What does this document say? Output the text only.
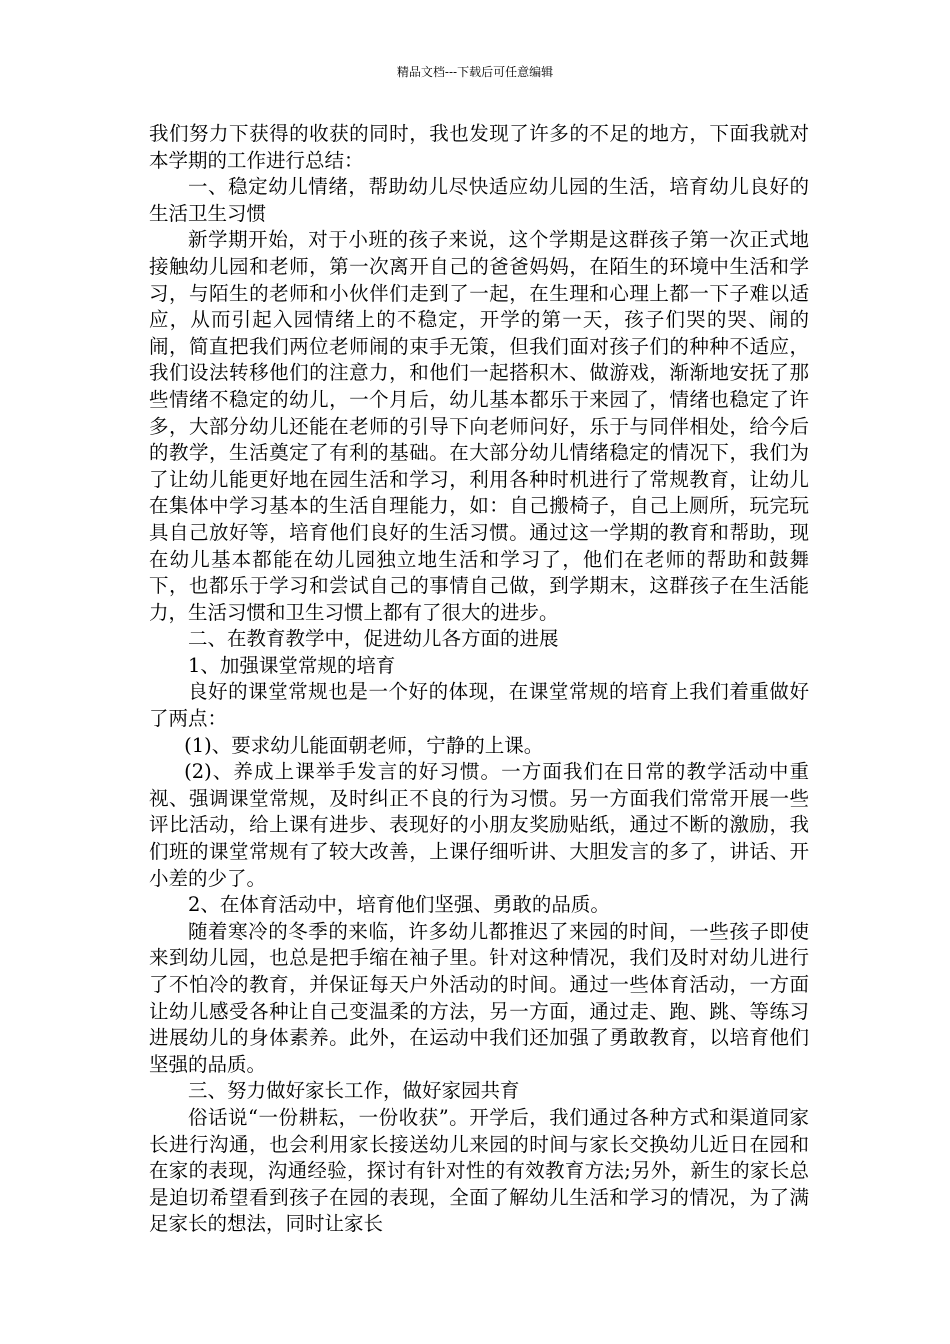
精品文档---下载后可任意编辑

我们努力下获得的收获的同时，我也发现了许多的不足的地方，下面我就对本学期的工作进行总结：

一、稳定幼儿情绪，帮助幼儿尽快适应幼儿园的生活，培育幼儿良好的生活卫生习惯

新学期开始，对于小班的孩子来说，这个学期是这群孩子第一次正式地接触幼儿园和老师，第一次离开自己的爸爸妈妈，在陌生的环境中生活和学习，与陌生的老师和小伙伴们走到了一起，在生理和心理上都一下子难以适应，从而引起入园情绪上的不稳定，开学的第一天，孩子们哭的哭、闹的闹，简直把我们两位老师闹的束手无策，但我们面对孩子们的种种不适应，我们设法转移他们的注意力，和他们一起搭积木、做游戏，渐渐地安抚了那些情绪不稳定的幼儿，一个月后，幼儿基本都乐于来园了，情绪也稳定了许多，大部分幼儿还能在老师的引导下向老师问好，乐于与同伴相处，给今后的教学，生活奠定了有利的基础。在大部分幼儿情绪稳定的情况下，我们为了让幼儿能更好地在园生活和学习，利用各种时机进行了常规教育，让幼儿在集体中学习基本的生活自理能力，如：自己搬椅子，自己上厕所，玩完玩具自己放好等，培育他们良好的生活习惯。通过这一学期的教育和帮助，现在幼儿基本都能在幼儿园独立地生活和学习了，他们在老师的帮助和鼓舞下，也都乐于学习和尝试自己的事情自己做，到学期末，这群孩子在生活能力，生活习惯和卫生习惯上都有了很大的进步。

二、在教育教学中，促进幼儿各方面的进展

1、加强课堂常规的培育

良好的课堂常规也是一个好的体现，在课堂常规的培育上我们着重做好了两点：

(1)、要求幼儿能面朝老师，宁静的上课。

(2)、养成上课举手发言的好习惯。一方面我们在日常的教学活动中重视、强调课堂常规，及时纠正不良的行为习惯。另一方面我们常常开展一些评比活动，给上课有进步、表现好的小朋友奖励贴纸，通过不断的激励，我们班的课堂常规有了较大改善，上课仔细听讲、大胆发言的多了，讲话、开小差的少了。

2、在体育活动中，培育他们坚强、勇敢的品质。

随着寒冷的冬季的来临，许多幼儿都推迟了来园的时间，一些孩子即使来到幼儿园，也总是把手缩在袖子里。针对这种情况，我们及时对幼儿进行了不怕冷的教育，并保证每天户外活动的时间。通过一些体育活动，一方面让幼儿感受各种让自己变温柔的方法，另一方面，通过走、跑、跳、等练习进展幼儿的身体素养。此外，在运动中我们还加强了勇敢教育，以培育他们坚强的品质。

三、努力做好家长工作，做好家园共育

俗话说“一份耕耘，一份收获”。开学后，我们通过各种方式和渠道同家长进行沟通，也会利用家长接送幼儿来园的时间与家长交换幼儿近日在园和在家的表现，沟通经验，探讨有针对性的有效教育方法;另外，新生的家长总是迫切希望看到孩子在园的表现，全面了解幼儿生活和学习的情况，为了满足家长的想法，同时让家长
